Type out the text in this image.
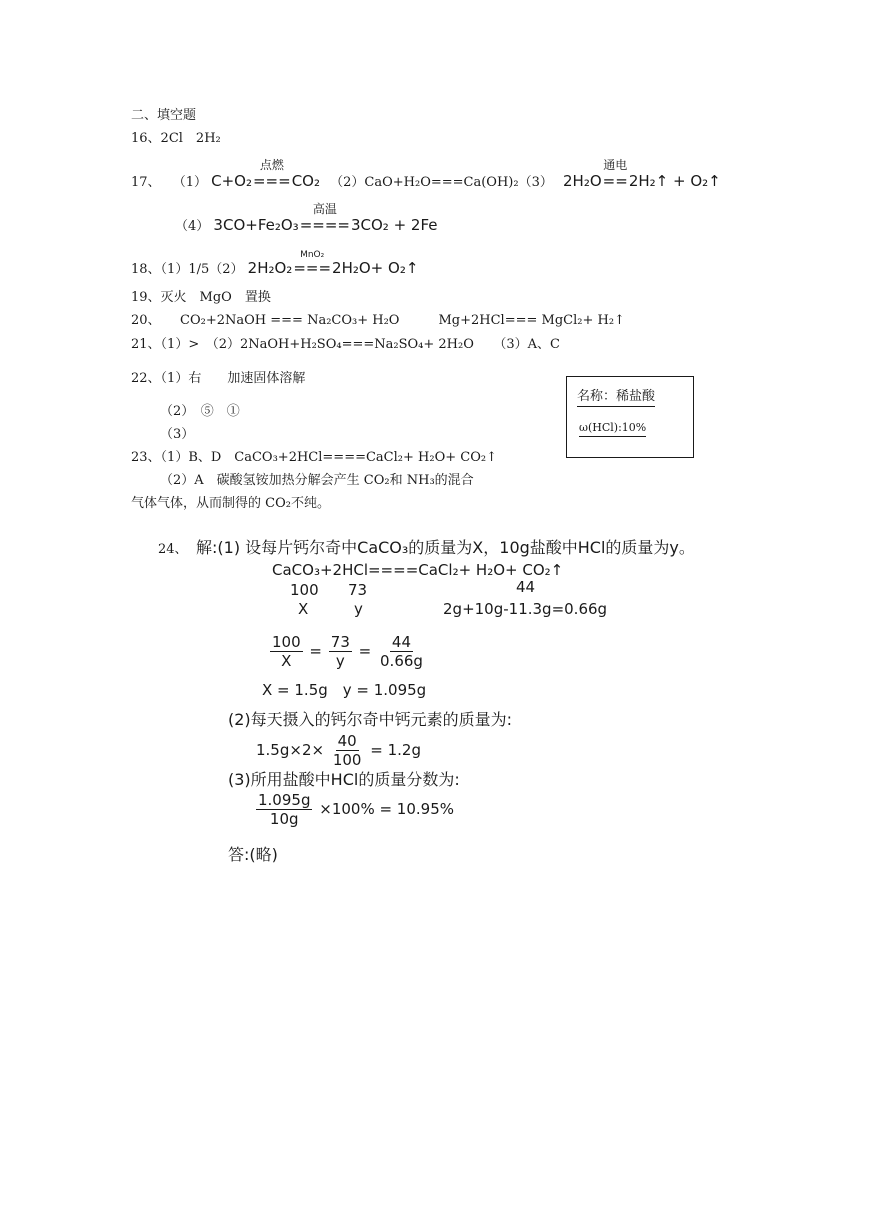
二、填空题
16、2Cl　2H₂
17、 （1） C+O₂
点燃
===CO₂ （2）CaO+H₂O===Ca(OH)₂（3） 2H₂O
通电
==2H₂↑ + O₂↑
（4） 3CO+Fe₂O₃
高温
====3CO₂ + 2Fe
18、（1）1/5（2） 2H₂O₂
MnO₂
===2H₂O+ O₂↑
19、灭火　MgO　置换
20、　　CO₂+2NaOH === Na₂CO₃+ H₂O　　　Mg+2HCl=== MgCl₂+ H₂↑
21、（1）>　（2）2NaOH+H₂SO₄===Na₂SO₄+ 2H₂O　　（3）A、C
22、（1）右　　加速固体溶解
（2）　⑤　①
（3）
名称：稀盐酸
ω(HCl):10%
23、（1）B、D　CaCO₃+2HCl====CaCl₂+ H₂O+ CO₂↑
（2）A　碳酸氢铵加热分解会产生 CO₂和 NH₃的混合
气体气体，从而制得的 CO₂不纯。
24、 解:(1) 设每片钙尔奇中CaCO₃的质量为X，10g盐酸中HCl的质量为y。
CaCO₃+2HCl====CaCl₂+ H₂O+ CO₂↑
100 73	44
X	y	2g+10g-11.3g=0.66g
$\frac{100}{X} = \frac{73}{y} = \frac{44}{0.66g}$
X = 1.5g　y = 1.095g
(2)每天摄入的钙尔奇中钙元素的质量为:
$1.5g\times 2\times \frac{40}{100} = 1.2g$
(3)所用盐酸中HCl的质量分数为:
$\frac{1.095g}{10g} \times 100\% = 10.95\%$
答:(略)
